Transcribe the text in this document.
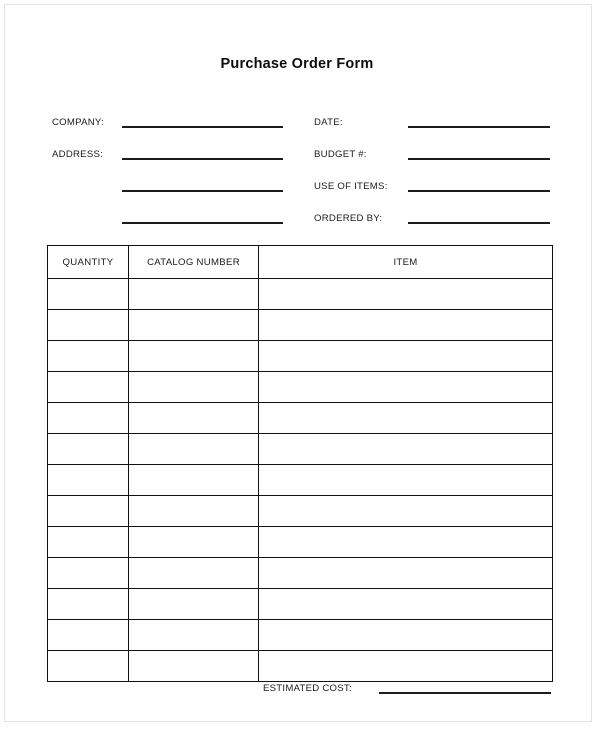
Purchase Order Form
COMPANY:
ADDRESS:
DATE:
BUDGET #:
USE OF ITEMS:
ORDERED BY:
QUANTITY	CATALOG NUMBER	ITEM

ESTIMATED COST:
